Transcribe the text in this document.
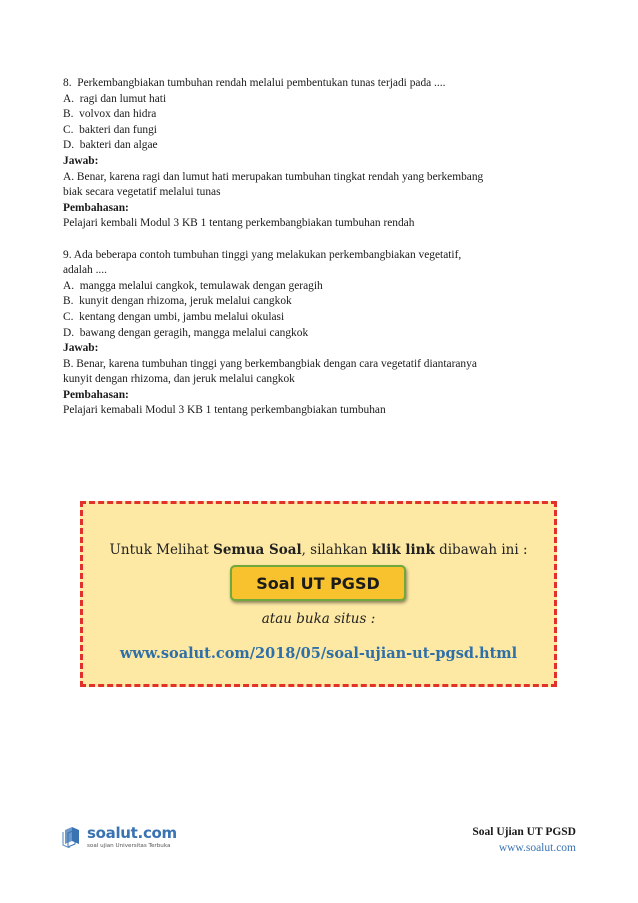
8. Perkembangbiakan tumbuhan rendah melalui pembentukan tunas terjadi pada ....
A. ragi dan lumut hati
B. volvox dan hidra
C. bakteri dan fungi
D. bakteri dan algae
Jawab:
A. Benar, karena ragi dan lumut hati merupakan tumbuhan tingkat rendah yang berkembang
biak secara vegetatif melalui tunas
Pembahasan:
Pelajari kembali Modul 3 KB 1 tentang perkembangbiakan tumbuhan rendah
9. Ada beberapa contoh tumbuhan tinggi yang melakukan perkembangbiakan vegetatif,
adalah ....
A. mangga melalui cangkok, temulawak dengan geragih
B. kunyit dengan rhizoma, jeruk melalui cangkok
C. kentang dengan umbi, jambu melalui okulasi
D. bawang dengan geragih, mangga melalui cangkok
Jawab:
B. Benar, karena tumbuhan tinggi yang berkembangbiak dengan cara vegetatif diantaranya
kunyit dengan rhizoma, dan jeruk melalui cangkok
Pembahasan:
Pelajari kemabali Modul 3 KB 1 tentang perkembangbiakan tumbuhan
Untuk Melihat Semua Soal, silahkan klik link dibawah ini :
Soal UT PGSD
atau buka situs :
www.soalut.com/2018/05/soal-ujian-ut-pgsd.html
soalut.com
soal ujian Universitas Terbuka
Soal Ujian UT PGSD
www.soalut.com
